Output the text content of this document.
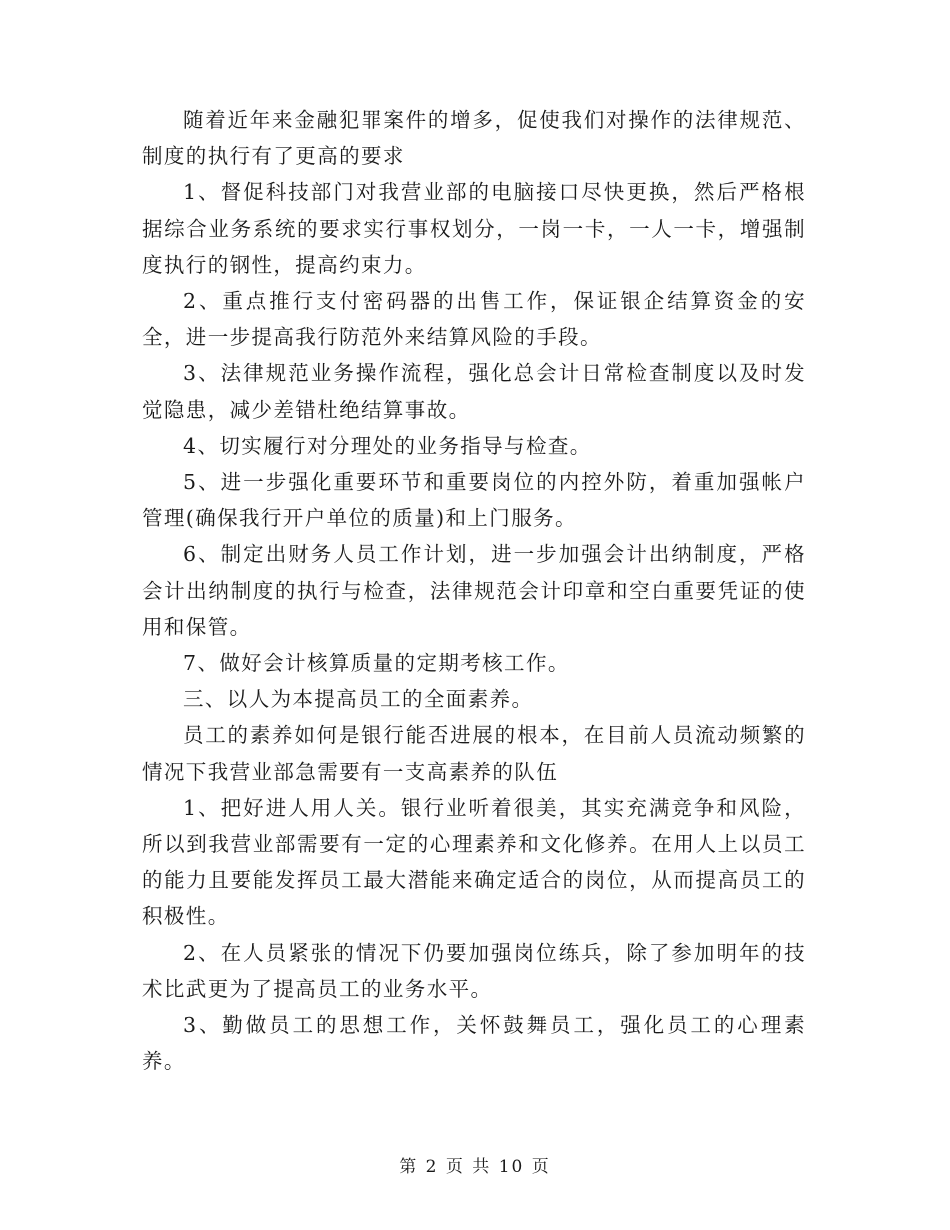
随着近年来金融犯罪案件的增多，促使我们对操作的法律规范、制度的执行有了更高的要求

1、督促科技部门对我营业部的电脑接口尽快更换，然后严格根据综合业务系统的要求实行事权划分，一岗一卡，一人一卡，增强制度执行的钢性，提高约束力。

2、重点推行支付密码器的出售工作，保证银企结算资金的安全，进一步提高我行防范外来结算风险的手段。

3、法律规范业务操作流程，强化总会计日常检查制度以及时发觉隐患，减少差错杜绝结算事故。

4、切实履行对分理处的业务指导与检查。

5、进一步强化重要环节和重要岗位的内控外防，着重加强帐户管理(确保我行开户单位的质量)和上门服务。

6、制定出财务人员工作计划，进一步加强会计出纳制度，严格会计出纳制度的执行与检查，法律规范会计印章和空白重要凭证的使用和保管。

7、做好会计核算质量的定期考核工作。

三、以人为本提高员工的全面素养。

员工的素养如何是银行能否进展的根本，在目前人员流动频繁的情况下我营业部急需要有一支高素养的队伍

1、把好进人用人关。银行业听着很美，其实充满竞争和风险，所以到我营业部需要有一定的心理素养和文化修养。在用人上以员工的能力且要能发挥员工最大潜能来确定适合的岗位，从而提高员工的积极性。

2、在人员紧张的情况下仍要加强岗位练兵，除了参加明年的技术比武更为了提高员工的业务水平。

3、勤做员工的思想工作，关怀鼓舞员工，强化员工的心理素养。

第 2 页 共 10 页
